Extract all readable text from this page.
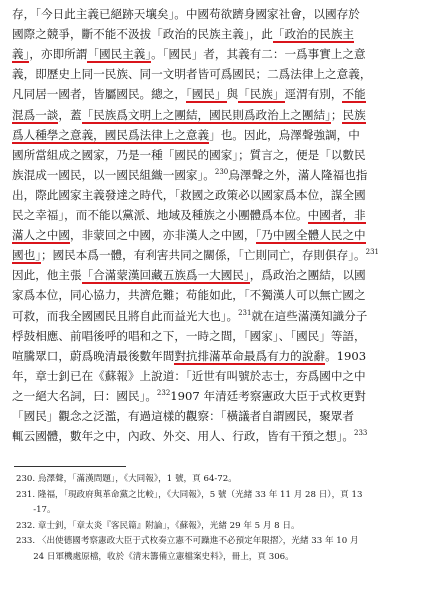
存，「今日此主義已絕跡天壤矣」。中國苟欲躋身國家社會，以國存於
國際之競爭，斷不能不汲拔「政治的民族主義」，此「政治的民族主
義」，亦即所謂「國民主義」。「國民」者，其義有二：一爲事實上之意
義，即歷史上同一民族、同一文明者皆可爲國民；二爲法律上之意義，
凡同居一國者，皆屬國民。總之，「國民」與「民族」逕渭有別，不能
混爲一談，蓋「民族爲文明上之團結，國民則爲政治上之團結」；民族
爲人種學之意義，國民爲法律上之意義」也。因此，烏澤聲強調，中
國所當組成之國家，乃是一種「國民的國家」；質言之，便是「以數民
族混成一國民，以一國民組織一國家」。$^{230}$烏澤聲之外，滿人隆福也指
出，際此國家主義發達之時代，「救國之政策必以國家爲本位，謀全國
民之幸福」，而不能以黨派、地域及種族之小團體爲本位。中國者，非
滿人之中國，非蒙回之中國，亦非漢人之中國，「乃中國全體人民之中
國也」；國民本爲一體，有利害共同之關係，「亡則同亡，存則俱存」。$^{231}$
因此，他主張「合滿蒙漢回藏五族爲一大國民」，爲政治之團結，以國
家爲本位，同心協力，共濟危難；苟能如此，「不獨漢人可以無亡國之
可救，而我全國國民且將自此而益光大也」。$^{231}$就在這些滿漢知識分子
桴鼓相應、前唱後呼的唱和之下，一時之間，「國家」、「國民」等語，
喧騰眾口，蔚爲晚清最後數年間對抗排滿革命最爲有力的說辭。1903
年，章士釗已在《蘇報》上說道：「近世有叫號於志士，夯爲國中之中
之一絕大名詞，曰：國民」。$^{232}$1907 年清廷考察憲政大臣于式枚更對
「國民」觀念之泛濫，有過這樣的觀察：「橫議者自謂國民，聚眾者
輒云國體，數年之中，內政、外交、用人、行政，皆有干預之想」。$^{233}$
230. 烏澤聲，「滿漢問題」，《大同報》，1 號，頁 64-72。
231. 隆福，「現政府與革命黨之比較」，《大同報》，5 號（光緒 33 年 11 月 28 日），頁 13
　　-17。
232. 章士釗，「章太炎『客民篇』附論」，《蘇報》，光緒 29 年 5 月 8 日。
233. 〈出使德國考察憲政大臣于式枚奏立憲不可躁進不必預定年限摺〉，光緒 33 年 10 月
　　24 日軍機處原檔，收於《清末籌備立憲檔案史料》，冊上，頁 306。
